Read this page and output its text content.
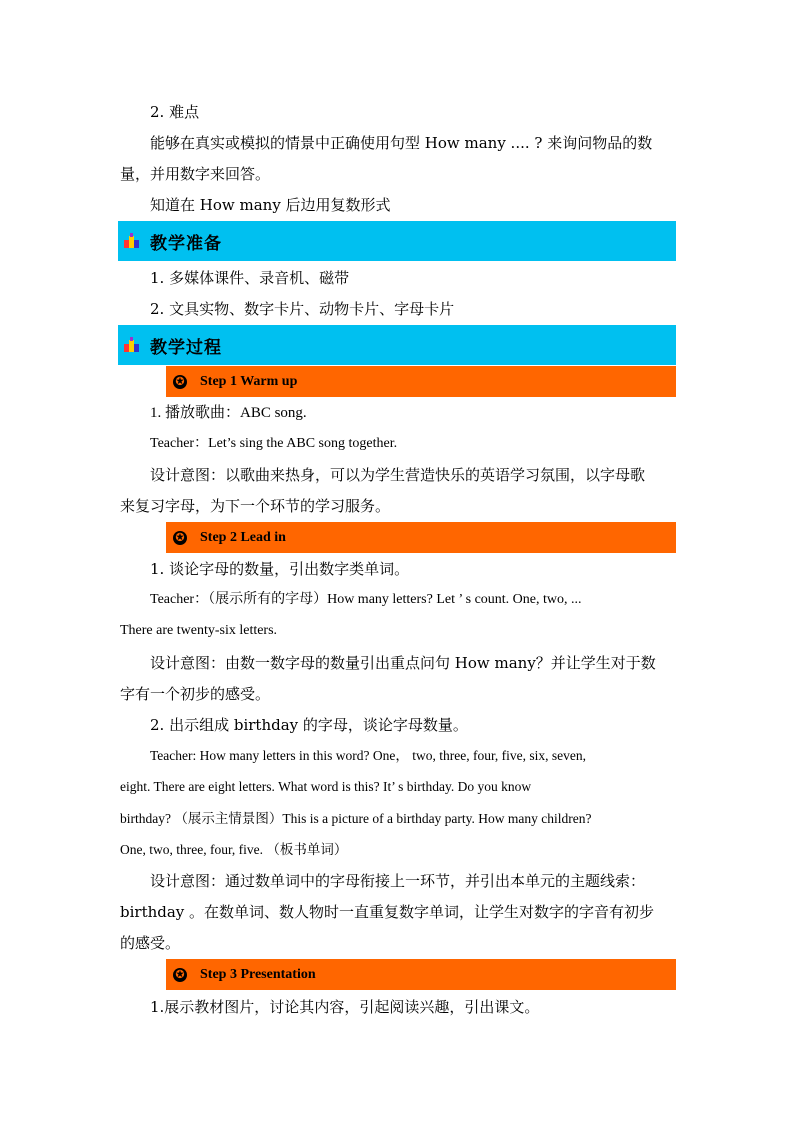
2. 难点
能够在真实或模拟的情景中正确使用句型 How many .... ? 来询问物品的数
量，并用数字来回答。
知道在 How many 后边用复数形式
教学准备
1. 多媒体课件、录音机、磁带
2. 文具实物、数字卡片、动物卡片、字母卡片
教学过程
✪ Step 1 Warm up
1. 播放歌曲：ABC song.
Teacher：Let’s sing the ABC song together.
设计意图：以歌曲来热身，可以为学生营造快乐的英语学习氛围，以字母歌
来复习字母，为下一个环节的学习服务。
✪ Step 2 Lead in
1. 谈论字母的数量，引出数字类单词。
Teacher：（展示所有的字母）How many letters? Let ’ s count. One, two, ...
There are twenty-six letters.
设计意图：由数一数字母的数量引出重点问句 How many？并让学生对于数
字有一个初步的感受。
2. 出示组成 birthday 的字母，谈论字母数量。
Teacher: How many letters in this word? One， two, three, four, five, six, seven,
eight. There are eight letters. What word is this? It’ s birthday. Do you know
birthday? （展示主情景图）This is a picture of a birthday party. How many children?
One, two, three, four, five. （板书单词）
设计意图：通过数单词中的字母衔接上一环节，并引出本单元的主题线索：
birthday 。在数单词、数人物时一直重复数字单词，让学生对数字的字音有初步
的感受。
✪ Step 3 Presentation
1.展示教材图片，讨论其内容，引起阅读兴趣，引出课文。
